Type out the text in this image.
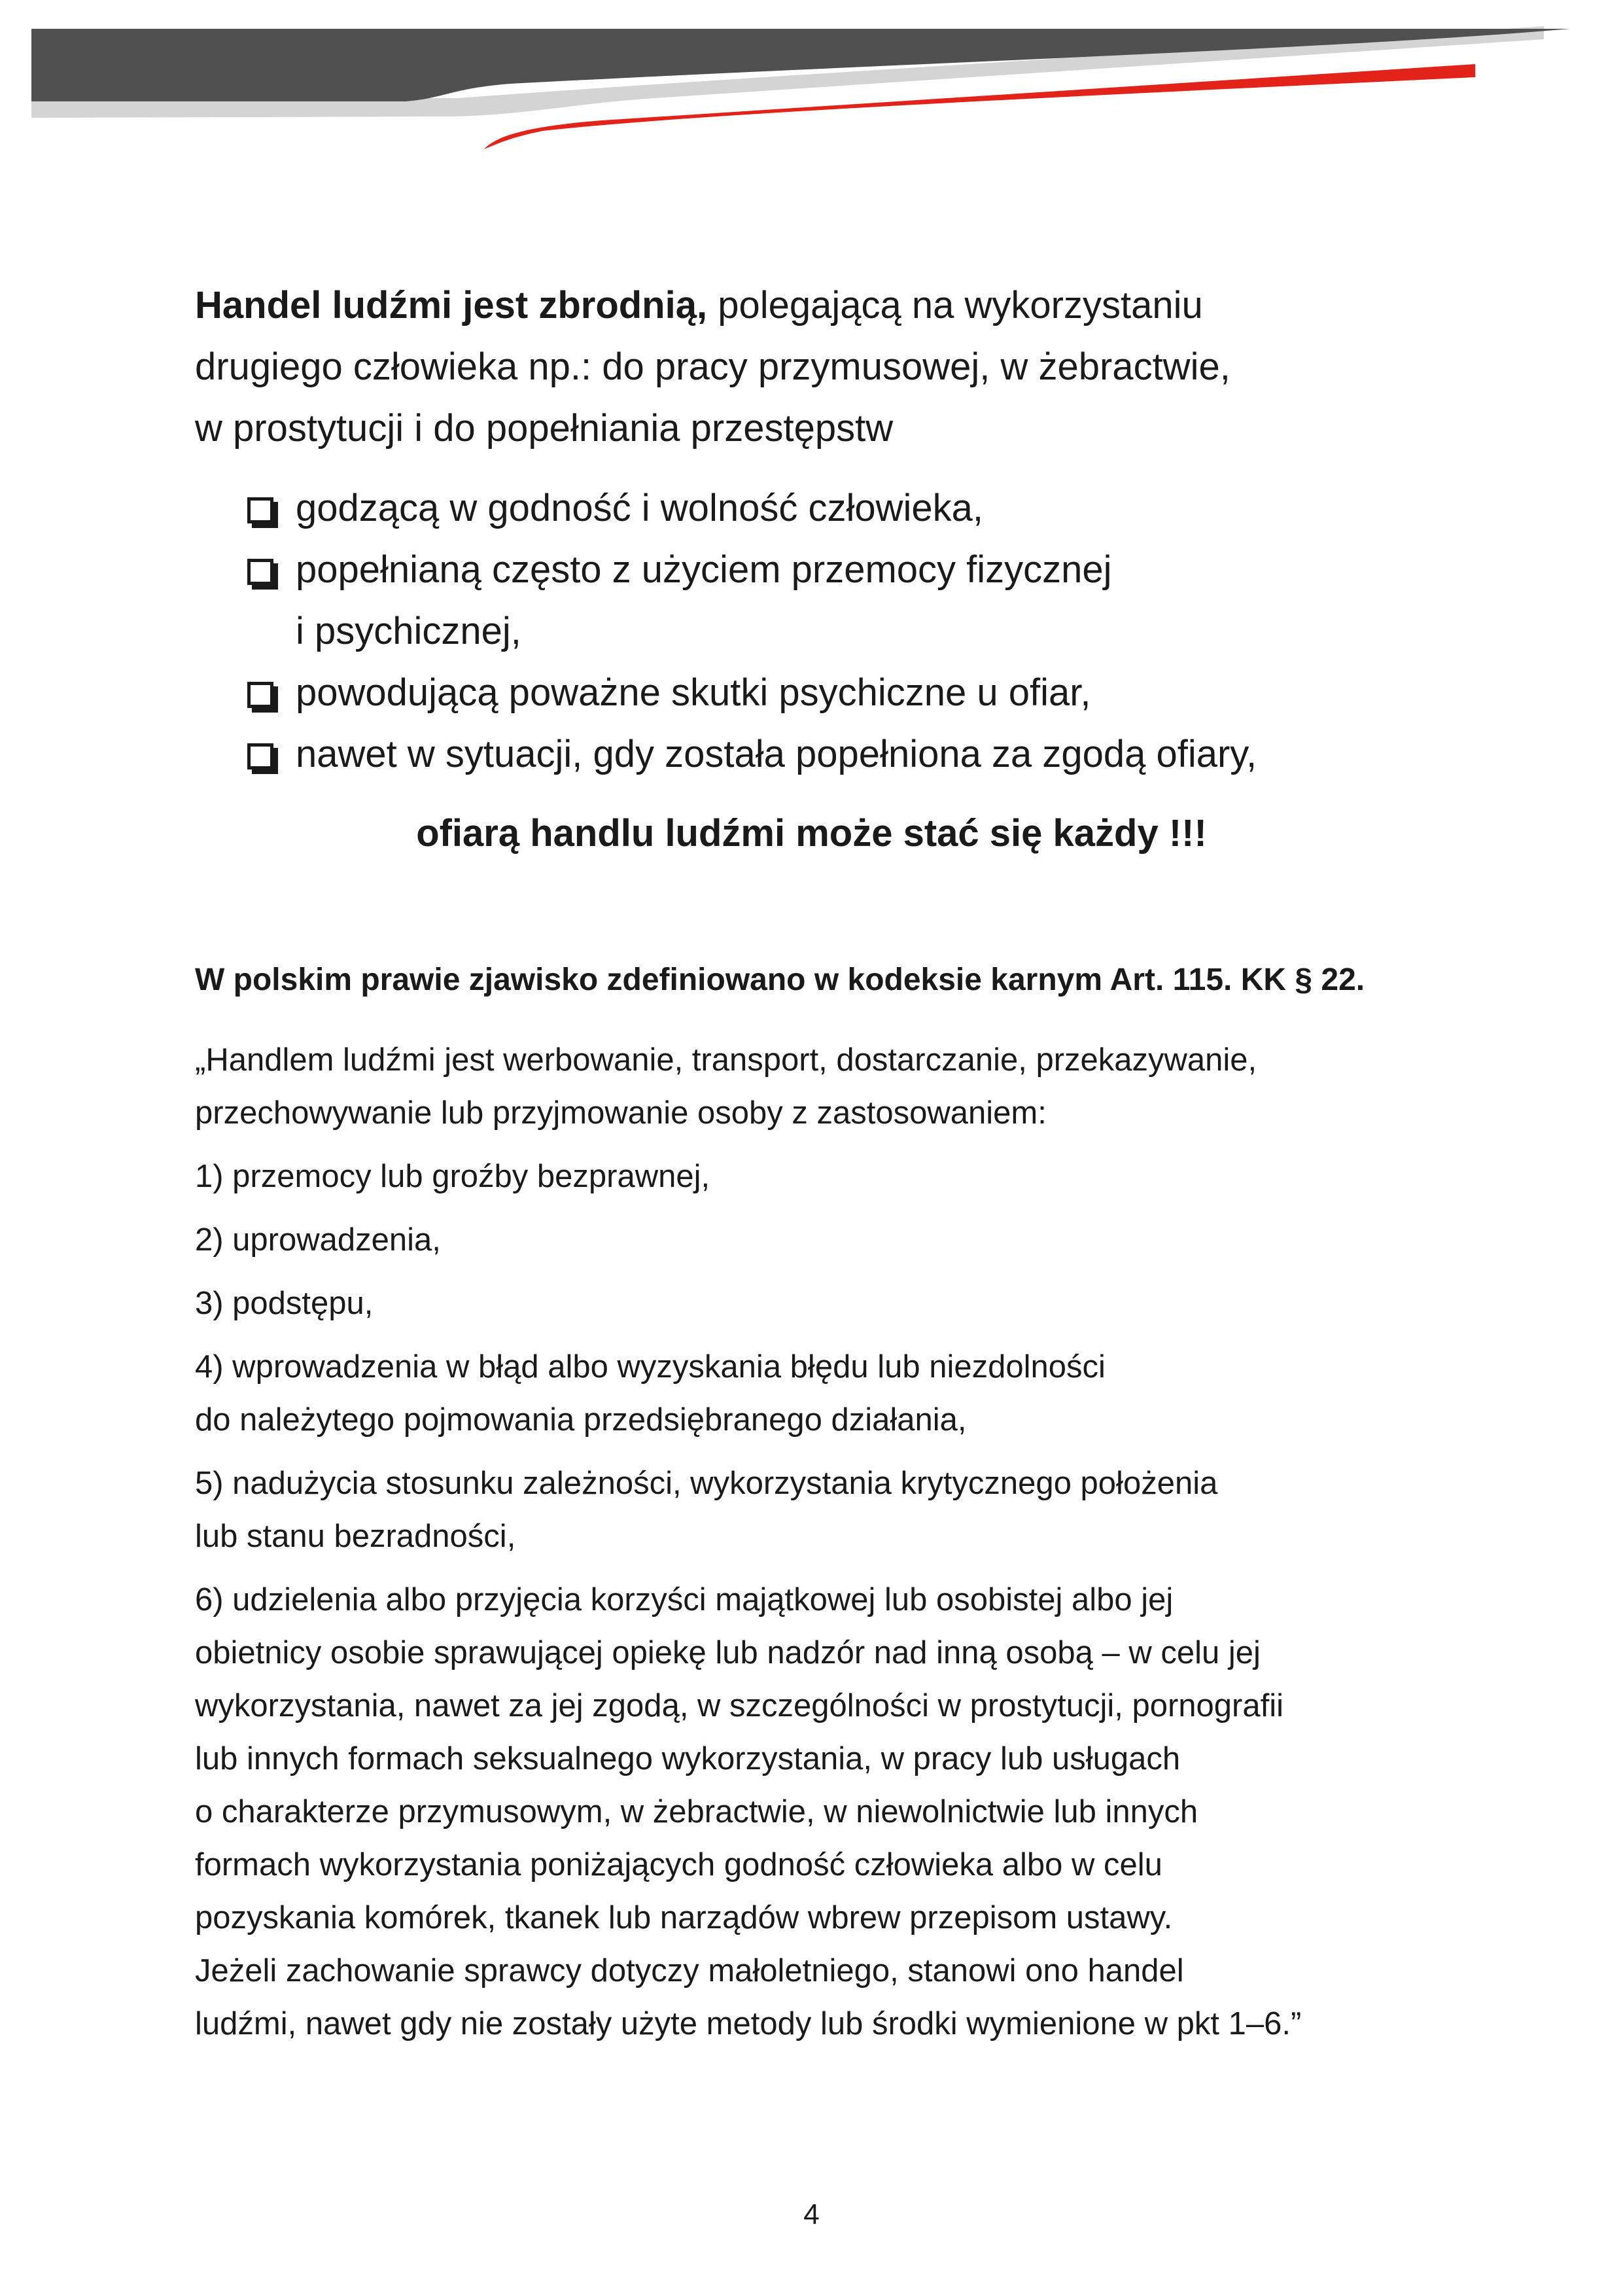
Handel ludźmi jest zbrodnią, polegającą na wykorzystaniu
drugiego człowieka np.: do pracy przymusowej, w żebractwie,
w prostytucji i do popełniania przestępstw
godzącą w godność i wolność człowieka,
popełnianą często z użyciem przemocy fizycznej
i psychicznej,
powodującą poważne skutki psychiczne u ofiar,
nawet w sytuacji, gdy została popełniona za zgodą ofiary,
ofiarą handlu ludźmi może stać się każdy !!!
W polskim prawie zjawisko zdefiniowano w kodeksie karnym Art. 115. KK § 22.

„Handlem ludźmi jest werbowanie, transport, dostarczanie, przekazywanie,
przechowywanie lub przyjmowanie osoby z zastosowaniem:

1) przemocy lub groźby bezprawnej,

2) uprowadzenia,

3) podstępu,

4) wprowadzenia w błąd albo wyzyskania błędu lub niezdolności
do należytego pojmowania przedsiębranego działania,

5) nadużycia stosunku zależności, wykorzystania krytycznego położenia
lub stanu bezradności,

6) udzielenia albo przyjęcia korzyści majątkowej lub osobistej albo jej
obietnicy osobie sprawującej opiekę lub nadzór nad inną osobą – w celu jej
wykorzystania, nawet za jej zgodą, w szczególności w prostytucji, pornografii
lub innych formach seksualnego wykorzystania, w pracy lub usługach
o charakterze przymusowym, w żebractwie, w niewolnictwie lub innych
formach wykorzystania poniżających godność człowieka albo w celu
pozyskania komórek, tkanek lub narządów wbrew przepisom ustawy.
Jeżeli zachowanie sprawcy dotyczy małoletniego, stanowi ono handel
ludźmi, nawet gdy nie zostały użyte metody lub środki wymienione w pkt 1–6.”

4
